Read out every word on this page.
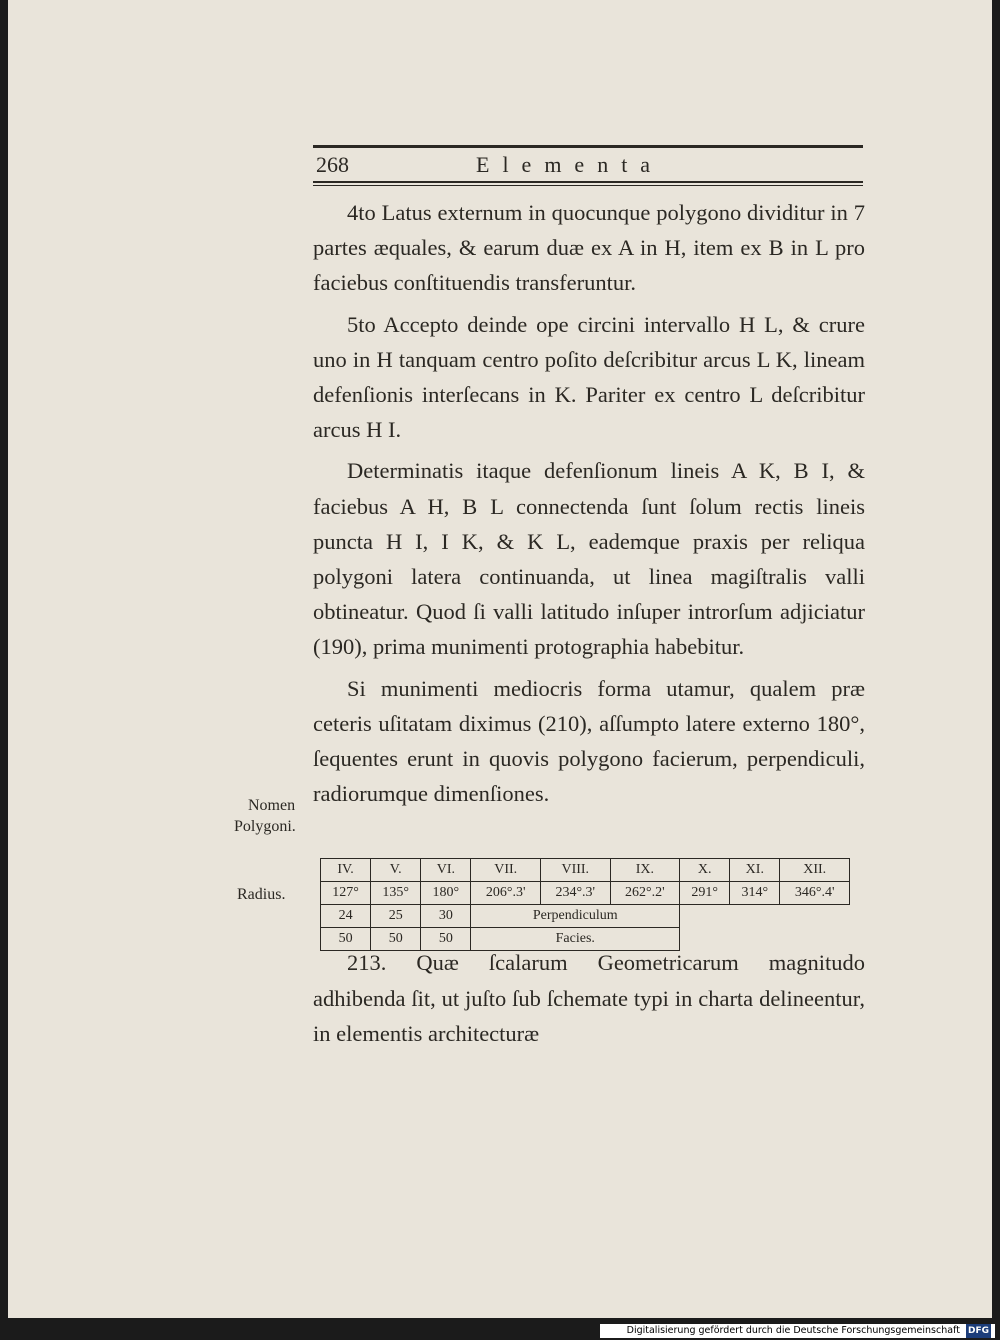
268	Elementa

4to Latus externum in quocunque polygono dividitur in 7 partes æquales, & earum duæ ex A in H, item ex B in L pro faciebus conſtituendis transferuntur.

5to Accepto deinde ope circini intervallo H L, & crure uno in H tanquam centro poſito deſcribitur arcus L K, lineam defenſionis interſecans in K. Pariter ex centro L deſcribitur arcus H I.

Determinatis itaque defenſionum lineis A K, B I, & faciebus A H, B L connectenda ſunt ſolum rectis lineis puncta H I, I K, & K L, eademque praxis per reliqua polygoni latera continuanda, ut linea magiſtralis valli obtineatur. Quod ſi valli latitudo inſuper introrſum adjiciatur (190), prima munimenti protographia habebitur.

Si munimenti mediocris forma utamur, qualem præ ceteris uſitatam diximus (210), aſſumpto latere externo 180°, ſequentes erunt in quovis polygono facierum, perpendiculi, radiorumque dimenſiones.

213. Quæ ſcalarum Geometricarum magnitudo adhibenda ſit, ut juſto ſub ſchemate typi in charta delineentur, in elementis architecturæ

Nomen
Polygoni.
Radius.
IV.	V.	VI.	VII.	VIII.	IX.	X.	XI.	XII.
127°	135°	180°	206°.3'	234°.3'	262°.2'	291°	314°	346°.4'
24	25	30	Perpendiculum					
50	50	50	Facies.					
Digitalisierung gefördert durch die Deutsche Forschungsgemeinschaft DFG
